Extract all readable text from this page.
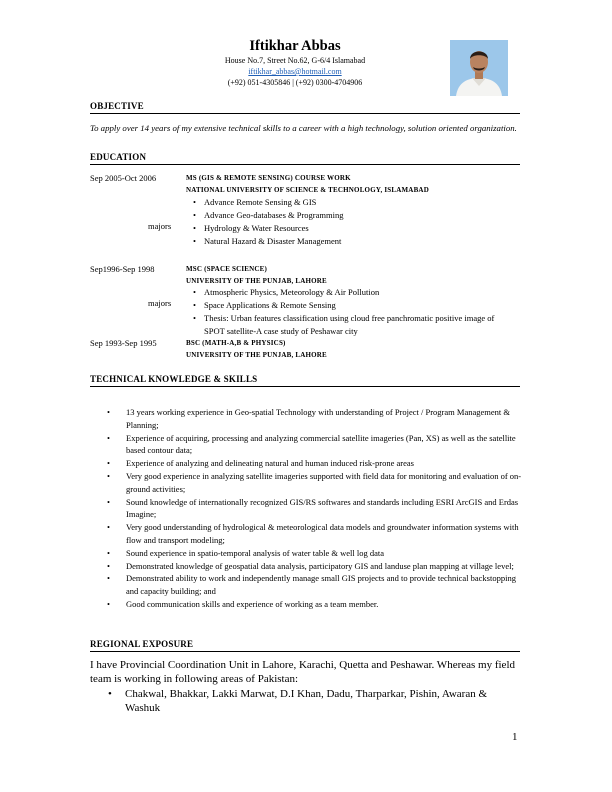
Iftikhar Abbas
House No.7, Street No.62, G-6/4 Islamabad
iftikhar_abbas@hotmail.com
(+92) 051-4305846 | (+92) 0300-4704906
OBJECTIVE
To apply over 14 years of my extensive technical skills to a career with a high technology, solution oriented organization.
EDUCATION
Sep 2005-Oct 2006	MS (GIS & REMOTE SENSING) COURSE WORK
NATIONAL UNIVERSITY OF SCIENCE & TECHNOLOGY, ISLAMABAD
majors
• Advance Remote Sensing & GIS
• Advance Geo-databases & Programming
• Hydrology & Water Resources
• Natural Hazard & Disaster Management
Sep1996-Sep 1998	MSC (SPACE SCIENCE)
UNIVERSITY OF THE PUNJAB, LAHORE
majors
• Atmospheric Physics, Meteorology & Air Pollution
• Space Applications & Remote Sensing
• Thesis: Urban features classification using cloud free panchromatic positive image of SPOT satellite-A case study of Peshawar city
Sep 1993-Sep 1995	BSC (MATH-A,B & PHYSICS)
UNIVERSITY OF THE PUNJAB, LAHORE
TECHNICAL KNOWLEDGE & SKILLS
• 13 years working experience in Geo-spatial Technology with understanding of Project / Program Management & Planning;
• Experience of acquiring, processing and analyzing commercial satellite imageries (Pan, XS) as well as the satellite based contour data;
• Experience of analyzing and delineating natural and human induced risk-prone areas
• Very good experience in analyzing satellite imageries supported with field data for monitoring and evaluation of on-ground activities;
• Sound knowledge of internationally recognized GIS/RS softwares and standards including ESRI ArcGIS and Erdas Imagine;
• Very good understanding of hydrological & meteorological data models and groundwater information systems with flow and transport modeling;
• Sound experience in spatio-temporal analysis of water table & well log data
• Demonstrated knowledge of geospatial data analysis, participatory GIS and landuse plan mapping at village level;
• Demonstrated ability to work and independently manage small GIS projects and to provide technical backstopping and capacity building; and
• Good communication skills and experience of working as a team member.
REGIONAL EXPOSURE
I have Provincial Coordination Unit in Lahore, Karachi, Quetta and Peshawar. Whereas my field team is working in following areas of Pakistan:
• Chakwal, Bhakkar, Lakki Marwat, D.I Khan, Dadu, Tharparkar, Pishin, Awaran & Washuk
1
